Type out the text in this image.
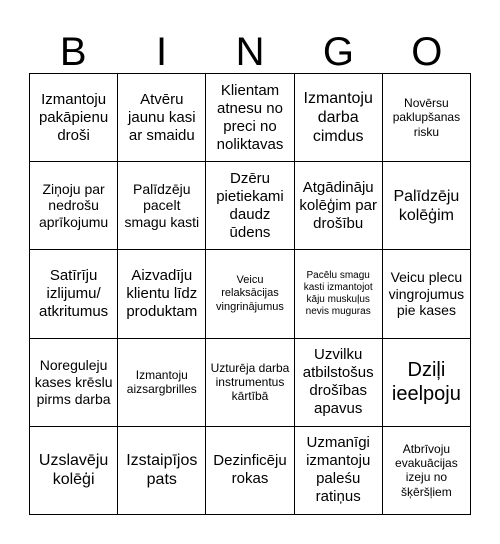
B	I	N	G	O
Izmantoju pakāpienu droši
Atvēru jaunu kasi ar smaidu
Klientam atnesu no preci no noliktavas
Izmantoju darba cimdus
Novērsu paklupšanas risku
Ziņoju par nedrošu aprīkojumu
Palīdzēju pacelt smagu kasti
Dzēru pietiekami daudz ūdens
Atgādināju kolēģim par drošību
Palīdzēju kolēģim
Satīrīju izlijumu/ atkritumus
Aizvadīju klientu līdz produktam
Veicu relaksācijas vingrinājumus
Pacēlu smagu kasti izmantojot kāju muskuļus nevis muguras
Veicu plecu vingrojumus pie kases
Noreguleju kases krēslu pirms darba
Izmantoju aizsargbrilles
Uzturēja darba instrumentus kārtībā
Uzvilku atbilstošus drošības apavus
Dziļi ieelpoju
Uzslavēju kolēģi
Izstaipījos pats
Dezinficēju rokas
Uzmanīgi izmantoju paleśu ratiņus
Atbrīvoju evakuācijas izeju no šķēršļiem
